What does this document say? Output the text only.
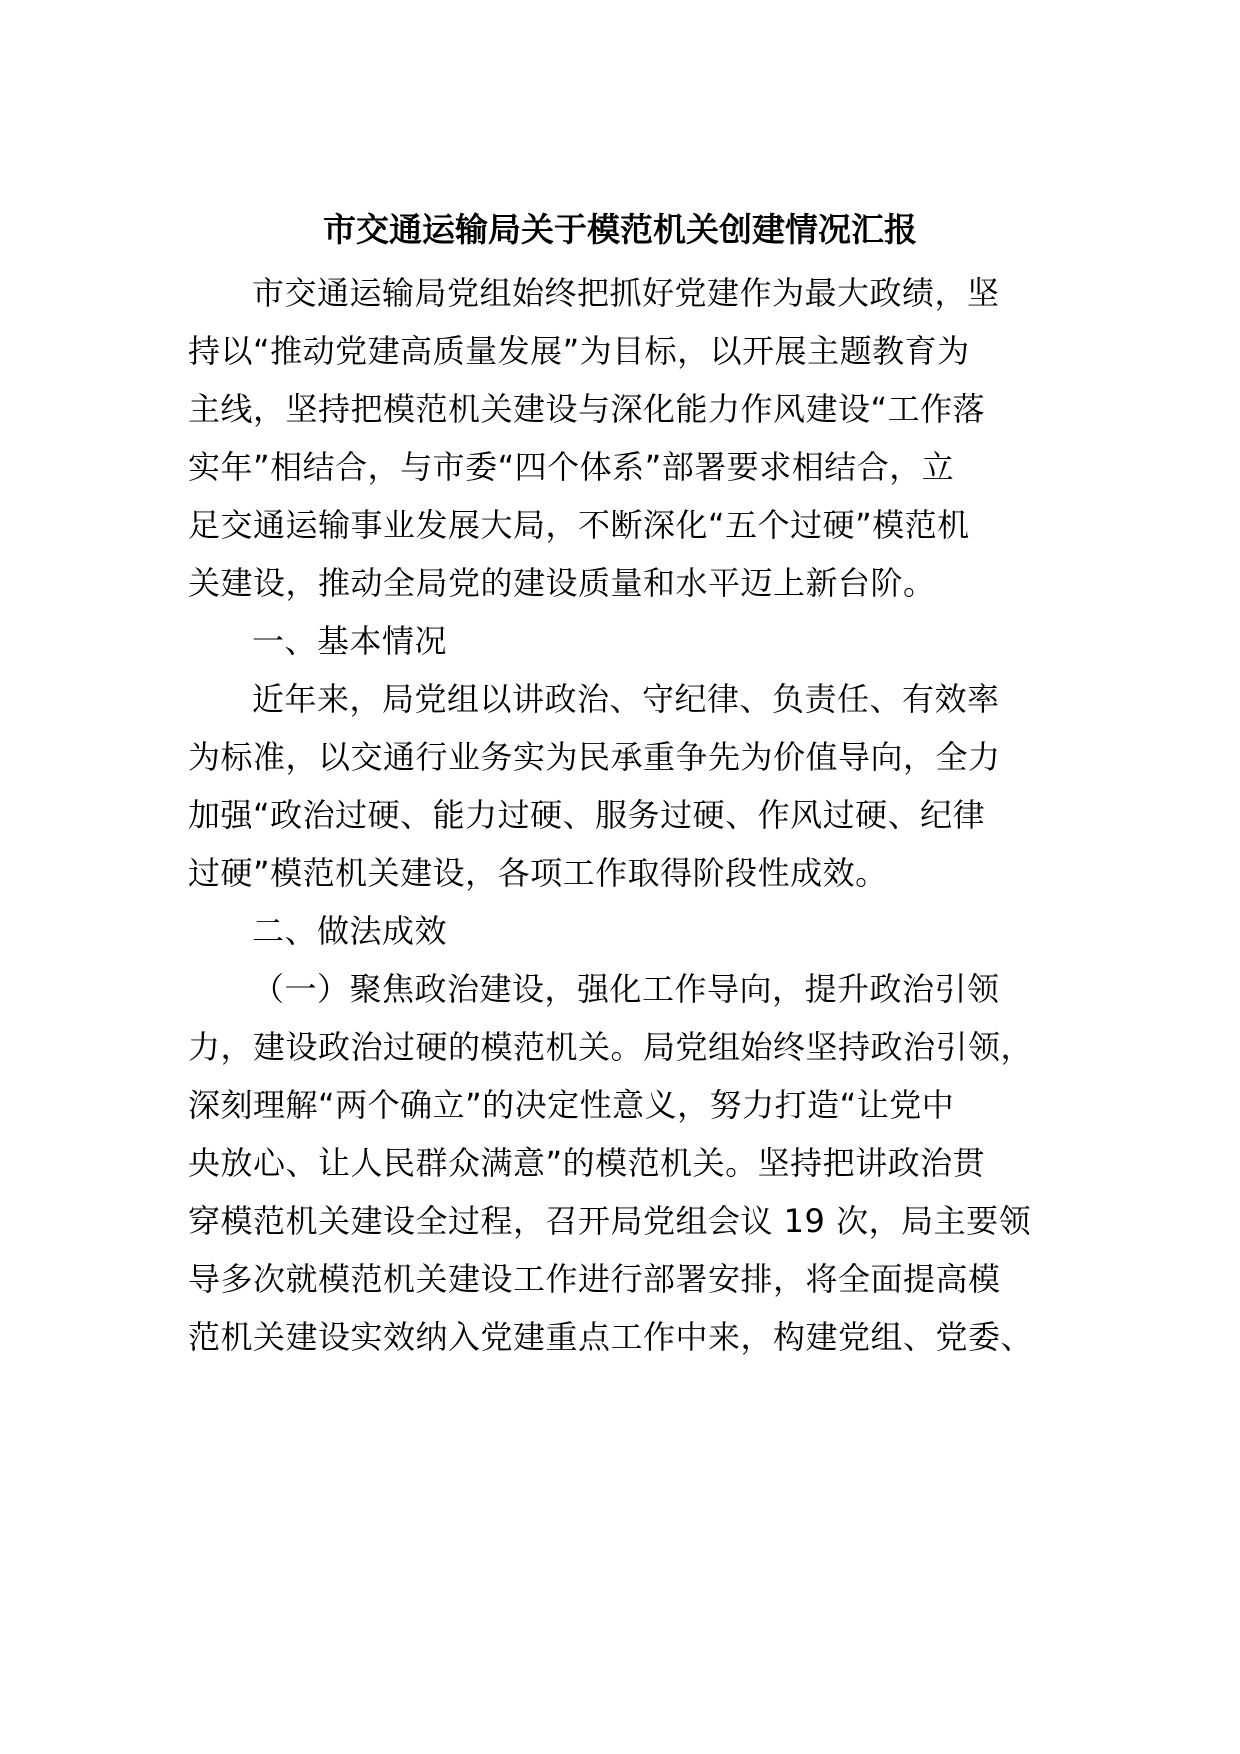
市交通运输局关于模范机关创建情况汇报
市交通运输局党组始终把抓好党建作为最大政绩，坚
持以“推动党建高质量发展”为目标，以开展主题教育为
主线，坚持把模范机关建设与深化能力作风建设“工作落
实年”相结合，与市委“四个体系”部署要求相结合，立
足交通运输事业发展大局，不断深化“五个过硬”模范机
关建设，推动全局党的建设质量和水平迈上新台阶。
一、基本情况
近年来，局党组以讲政治、守纪律、负责任、有效率
为标准，以交通行业务实为民承重争先为价值导向，全力
加强“政治过硬、能力过硬、服务过硬、作风过硬、纪律
过硬”模范机关建设，各项工作取得阶段性成效。
二、做法成效
（一）聚焦政治建设，强化工作导向，提升政治引领
力，建设政治过硬的模范机关。局党组始终坚持政治引领，
深刻理解“两个确立”的决定性意义，努力打造“让党中
央放心、让人民群众满意”的模范机关。坚持把讲政治贯
穿模范机关建设全过程，召开局党组会议 19 次，局主要领
导多次就模范机关建设工作进行部署安排，将全面提高模
范机关建设实效纳入党建重点工作中来，构建党组、党委、
